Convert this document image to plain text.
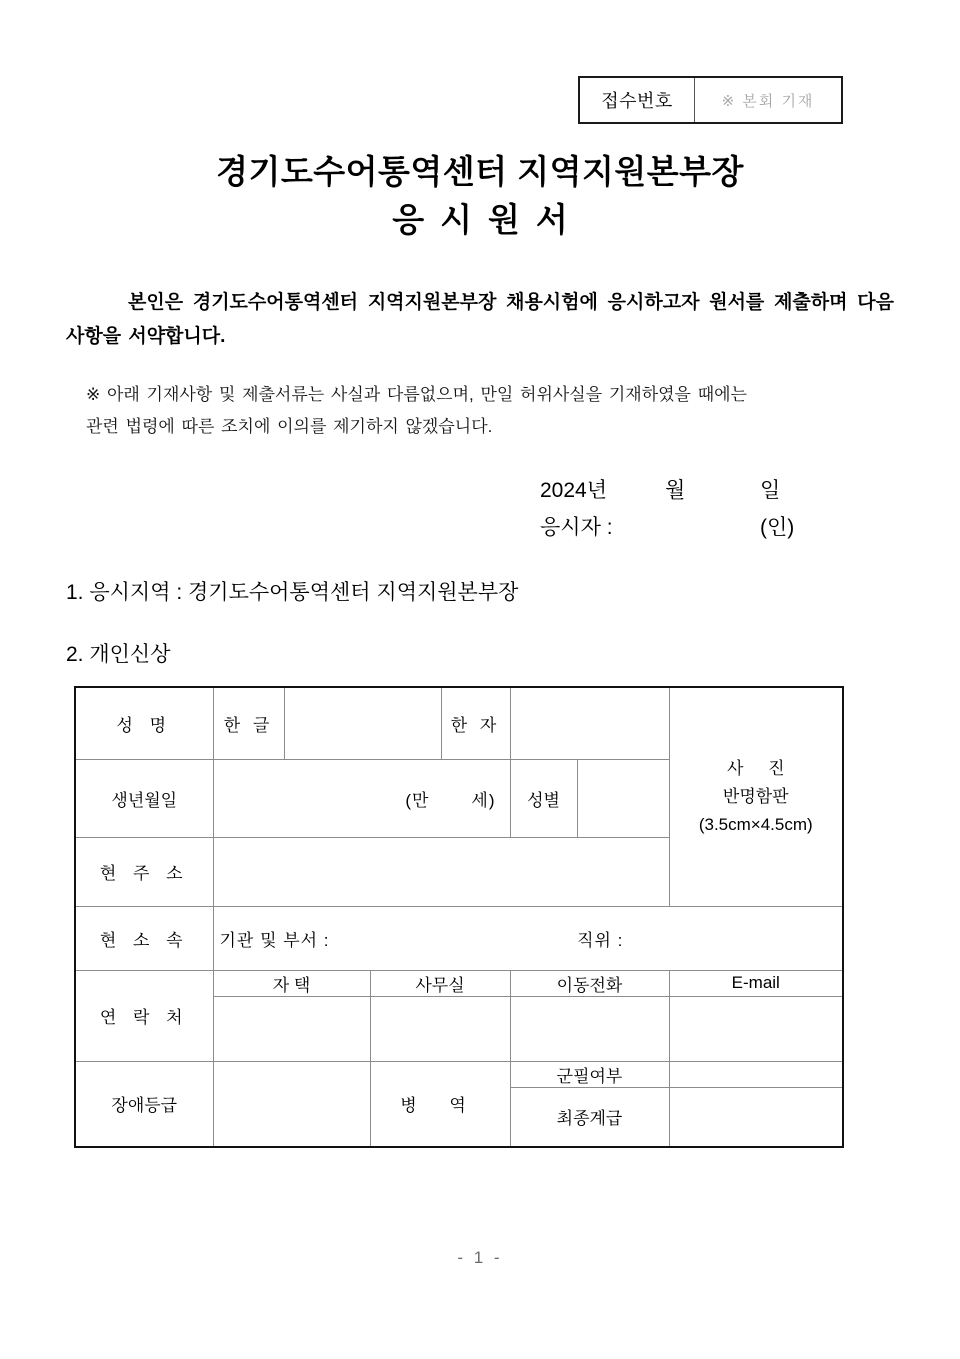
접수번호	※ 본회 기재
경기도수어통역센터 지역지원본부장
응시원서
본인은 경기도수어통역센터 지역지원본부장 채용시험에 응시하고자 원서를 제출하며 다음 사항을 서약합니다.
※ 아래 기재사항 및 제출서류는 사실과 다름없으며, 만일 허위사실을 기재하였을 때에는
관련 법령에 따른 조치에 이의를 제기하지 않겠습니다.
2024년	월	일
응시자 :	(인)
1. 응시지역 : 경기도수어통역센터 지역지원본부장
2. 개인신상
성 명	한 글			한 자			사 진
반명함판
(3.5cm×4.5cm)

생년월일	(만 세)				성별		
현 주 소							
현 소 속	기관 및 부서 : 직위 :						

연 락 처	자 택		사무실		이동전화		E-mail

장애등급			병 역		군필여부		
					최종계급		
- 1 -
